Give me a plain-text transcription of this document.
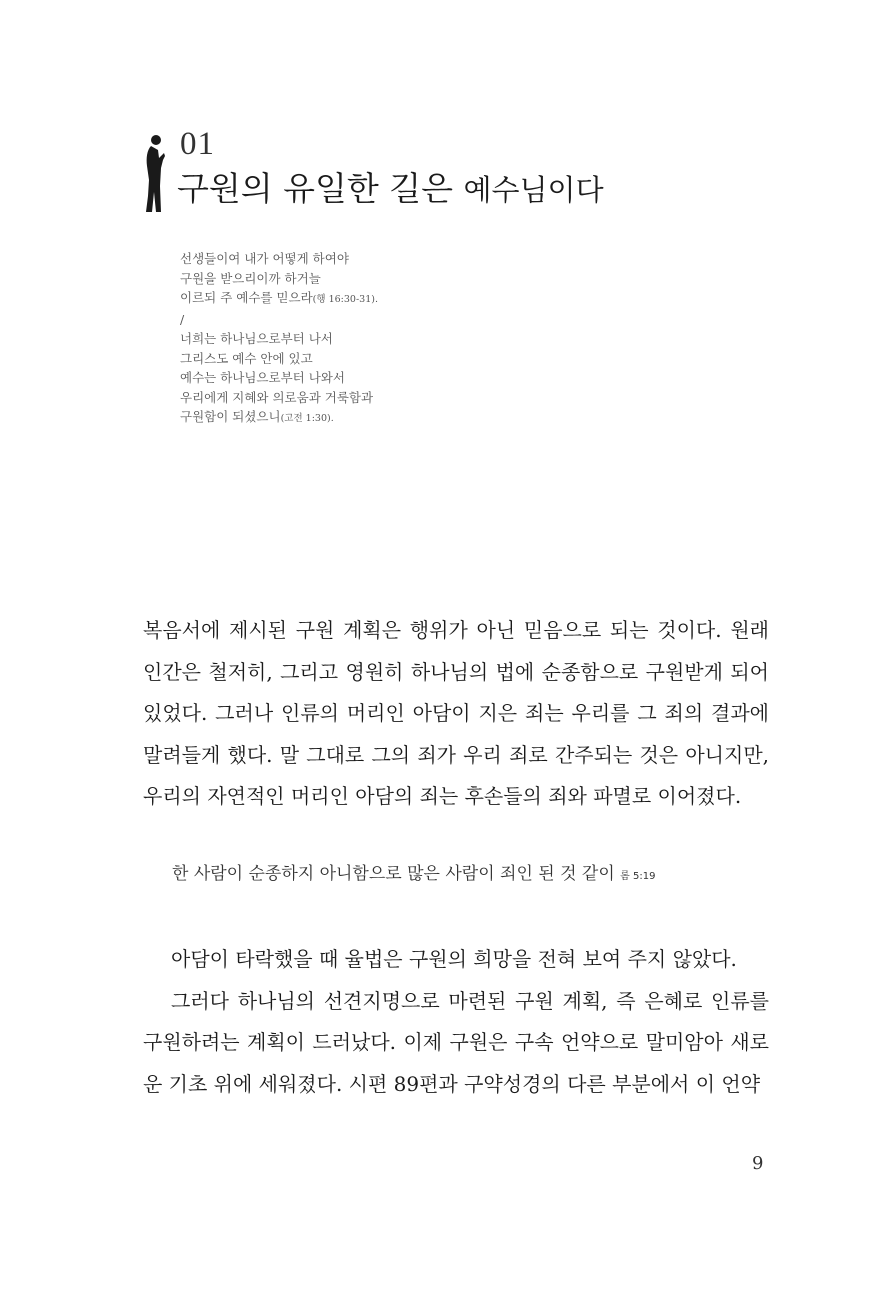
01
구원의 유일한 길은 예수님이다
선생들이여 내가 어떻게 하여야
구원을 받으리이까 하거늘
이르되 주 예수를 믿으라(행 16:30-31).
/
너희는 하나님으로부터 나서
그리스도 예수 안에 있고
예수는 하나님으로부터 나와서
우리에게 지혜와 의로움과 거룩함과
구원함이 되셨으니(고전 1:30).

복음서에 제시된 구원 계획은 행위가 아닌 믿음으로 되는 것이다. 원래 인간은 철저히, 그리고 영원히 하나님의 법에 순종함으로 구원받게 되어 있었다. 그러나 인류의 머리인 아담이 지은 죄는 우리를 그 죄의 결과에 말려들게 했다. 말 그대로 그의 죄가 우리 죄로 간주되는 것은 아니지만, 우리의 자연적인 머리인 아담의 죄는 후손들의 죄와 파멸로 이어졌다.

한 사람이 순종하지 아니함으로 많은 사람이 죄인 된 것 같이 롬 5:19
아담이 타락했을 때 율법은 구원의 희망을 전혀 보여 주지 않았다.
그러다 하나님의 선견지명으로 마련된 구원 계획, 즉 은혜로 인류를 구원하려는 계획이 드러났다. 이제 구원은 구속 언약으로 말미암아 새로운 기초 위에 세워졌다. 시편 89편과 구약성경의 다른 부분에서 이 언약
9
